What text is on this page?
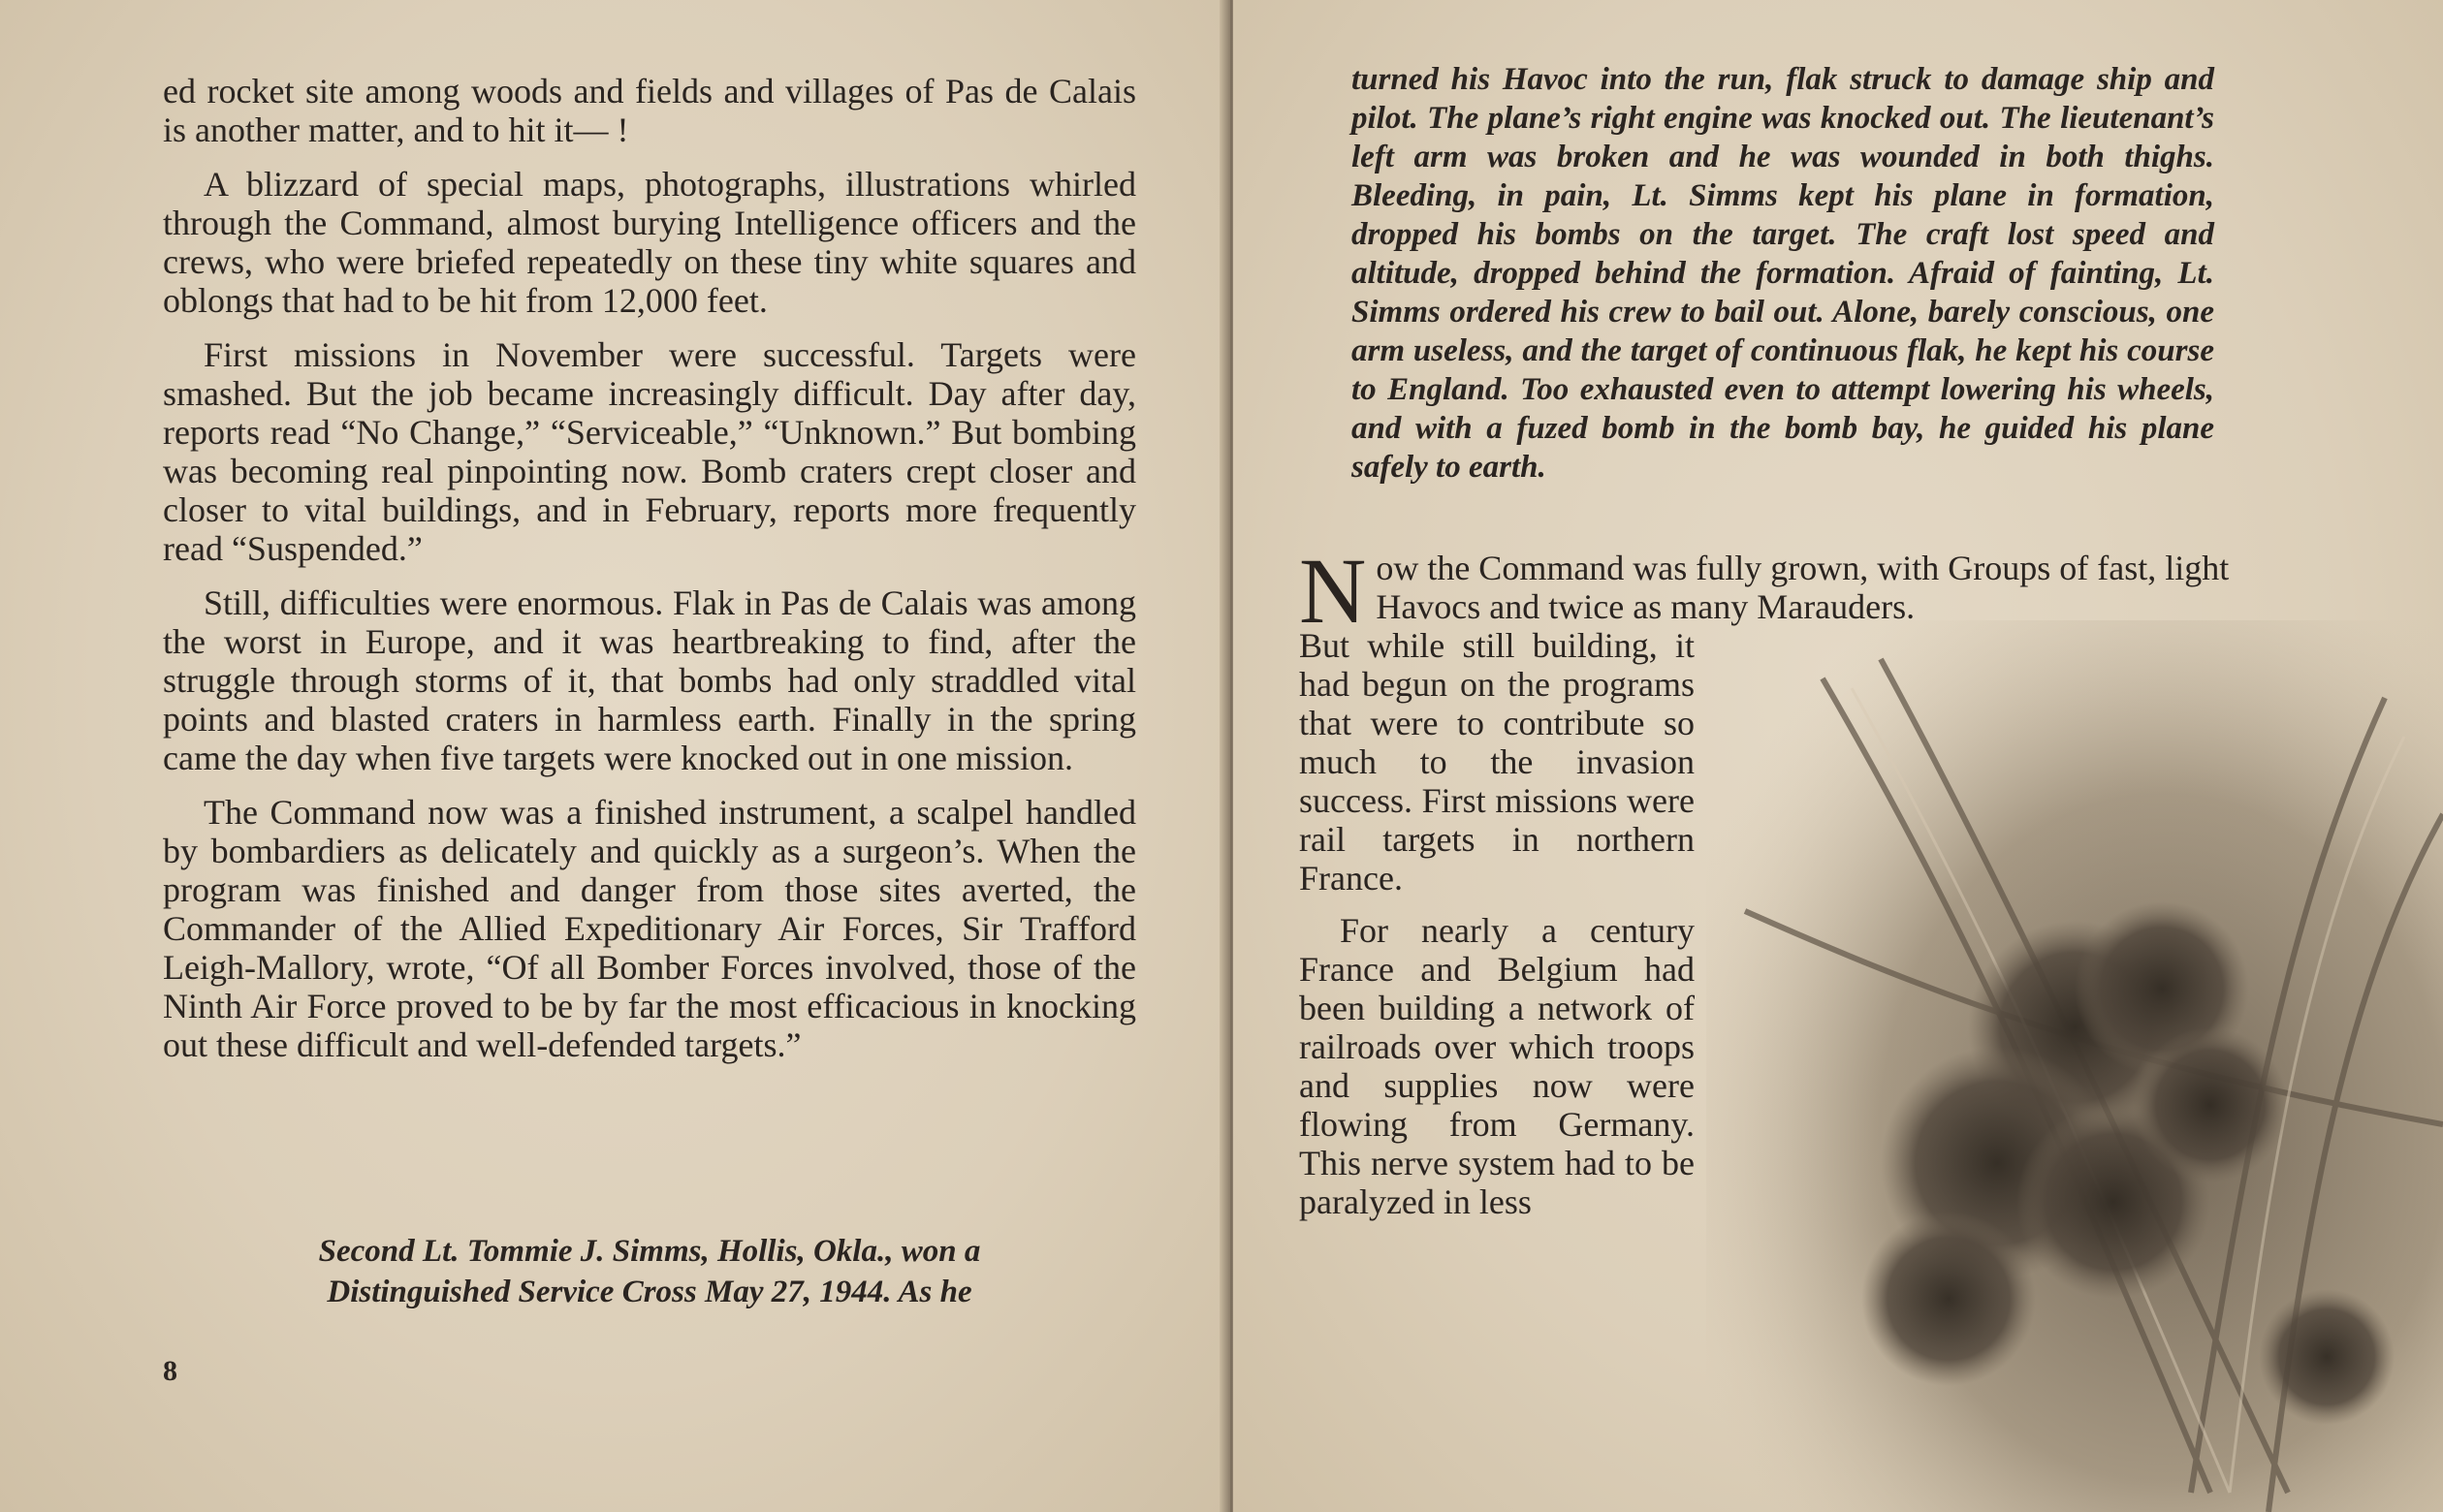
ed rocket site among woods and fields and villages of Pas de Calais is another matter, and to hit it— !

A blizzard of special maps, photographs, illustrations whirled through the Command, almost burying Intelligence officers and the crews, who were briefed repeatedly on these tiny white squares and oblongs that had to be hit from 12,000 feet.

First missions in November were successful. Targets were smashed. But the job became increasingly difficult. Day after day, reports read “No Change,” “Serviceable,” “Unknown.” But bombing was becoming real pinpointing now. Bomb craters crept closer and closer to vital buildings, and in February, reports more frequently read “Suspended.”

Still, difficulties were enormous. Flak in Pas de Calais was among the worst in Europe, and it was heartbreaking to find, after the struggle through storms of it, that bombs had only straddled vital points and blasted craters in harmless earth. Finally in the spring came the day when five targets were knocked out in one mission.

The Command now was a finished instrument, a scalpel handled by bombardiers as delicately and quickly as a surgeon’s. When the program was finished and danger from those sites averted, the Commander of the Allied Expeditionary Air Forces, Sir Trafford Leigh-Mallory, wrote, “Of all Bomber Forces involved, those of the Ninth Air Force proved to be by far the most efficacious in knocking out these difficult and well-defended targets.”

Second Lt. Tommie J. Simms, Hollis, Okla., won a
Distinguished Service Cross May 27, 1944. As he
8

turned his Havoc into the run, flak struck to damage ship and pilot. The plane’s right engine was knocked out. The lieutenant’s left arm was broken and he was wounded in both thighs. Bleeding, in pain, Lt. Simms kept his plane in formation, dropped his bombs on the target. The craft lost speed and altitude, dropped behind the formation. Afraid of fainting, Lt. Simms ordered his crew to bail out. Alone, barely conscious, one arm useless, and the target of continuous flak, he kept his course to England. Too exhausted even to attempt lowering his wheels, and with a fuzed bomb in the bomb bay, he guided his plane safely to earth.

N ow the Command was fully grown, with Groups of fast, light Havocs and twice as many Marauders.

But while still building, it had begun on the programs that were to contribute so much to the invasion success. First missions were rail targets in northern France.

For nearly a century France and Belgium had been building a network of railroads over which troops and supplies now were flowing from Germany. This nerve system had to be paralyzed in less
